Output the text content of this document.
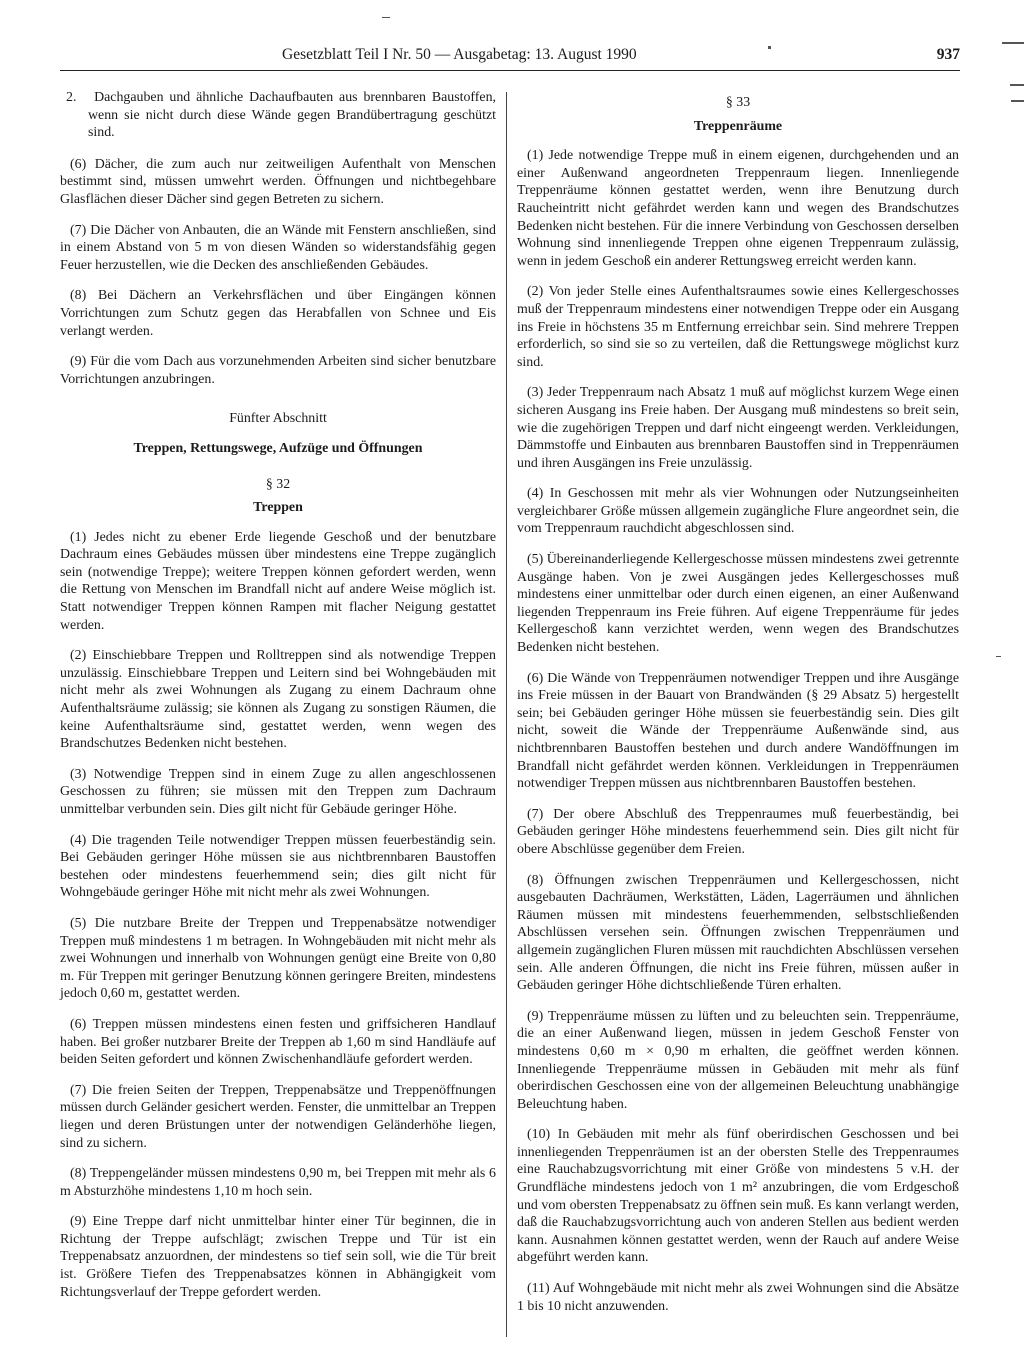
Gesetzblatt Teil I Nr. 50 — Ausgabetag: 13. August 1990	937
2. Dachgauben und ähnliche Dachaufbauten aus brennbaren Baustoffen, wenn sie nicht durch diese Wände gegen Brandübertragung geschützt sind.

(6) Dächer, die zum auch nur zeitweiligen Aufenthalt von Menschen bestimmt sind, müssen umwehrt werden. Öffnungen und nichtbegehbare Glasflächen dieser Dächer sind gegen Betreten zu sichern.

(7) Die Dächer von Anbauten, die an Wände mit Fenstern anschließen, sind in einem Abstand von 5 m von diesen Wänden so widerstandsfähig gegen Feuer herzustellen, wie die Decken des anschließenden Gebäudes.

(8) Bei Dächern an Verkehrsflächen und über Eingängen können Vorrichtungen zum Schutz gegen das Herabfallen von Schnee und Eis verlangt werden.

(9) Für die vom Dach aus vorzunehmenden Arbeiten sind sicher benutzbare Vorrichtungen anzubringen.

Fünfter Abschnitt
Treppen, Rettungswege, Aufzüge und Öffnungen
§ 32
Treppen

(1) Jedes nicht zu ebener Erde liegende Geschoß und der benutzbare Dachraum eines Gebäudes müssen über mindestens eine Treppe zugänglich sein (notwendige Treppe); weitere Treppen können gefordert werden, wenn die Rettung von Menschen im Brandfall nicht auf andere Weise möglich ist. Statt notwendiger Treppen können Rampen mit flacher Neigung gestattet werden.

(2) Einschiebbare Treppen und Rolltreppen sind als notwendige Treppen unzulässig. Einschiebbare Treppen und Leitern sind bei Wohngebäuden mit nicht mehr als zwei Wohnungen als Zugang zu einem Dachraum ohne Aufenthaltsräume zulässig; sie können als Zugang zu sonstigen Räumen, die keine Aufenthaltsräume sind, gestattet werden, wenn wegen des Brandschutzes Bedenken nicht bestehen.

(3) Notwendige Treppen sind in einem Zuge zu allen angeschlossenen Geschossen zu führen; sie müssen mit den Treppen zum Dachraum unmittelbar verbunden sein. Dies gilt nicht für Gebäude geringer Höhe.

(4) Die tragenden Teile notwendiger Treppen müssen feuerbeständig sein. Bei Gebäuden geringer Höhe müssen sie aus nichtbrennbaren Baustoffen bestehen oder mindestens feuerhemmend sein; dies gilt nicht für Wohngebäude geringer Höhe mit nicht mehr als zwei Wohnungen.

(5) Die nutzbare Breite der Treppen und Treppenabsätze notwendiger Treppen muß mindestens 1 m betragen. In Wohngebäuden mit nicht mehr als zwei Wohnungen und innerhalb von Wohnungen genügt eine Breite von 0,80 m. Für Treppen mit geringer Benutzung können geringere Breiten, mindestens jedoch 0,60 m, gestattet werden.

(6) Treppen müssen mindestens einen festen und griffsicheren Handlauf haben. Bei großer nutzbarer Breite der Treppen ab 1,60 m sind Handläufe auf beiden Seiten gefordert und können Zwischenhandläufe gefordert werden.

(7) Die freien Seiten der Treppen, Treppenabsätze und Treppenöffnungen müssen durch Geländer gesichert werden. Fenster, die unmittelbar an Treppen liegen und deren Brüstungen unter der notwendigen Geländerhöhe liegen, sind zu sichern.

(8) Treppengeländer müssen mindestens 0,90 m, bei Treppen mit mehr als 6 m Absturzhöhe mindestens 1,10 m hoch sein.

(9) Eine Treppe darf nicht unmittelbar hinter einer Tür beginnen, die in Richtung der Treppe aufschlägt; zwischen Treppe und Tür ist ein Treppenabsatz anzuordnen, der mindestens so tief sein soll, wie die Tür breit ist. Größere Tiefen des Treppenabsatzes können in Abhängigkeit vom Richtungsverlauf der Treppe gefordert werden.

§ 33
Treppenräume

(1) Jede notwendige Treppe muß in einem eigenen, durchgehenden und an einer Außenwand angeordneten Treppenraum liegen. Innenliegende Treppenräume können gestattet werden, wenn ihre Benutzung durch Raucheintritt nicht gefährdet werden kann und wegen des Brandschutzes Bedenken nicht bestehen. Für die innere Verbindung von Geschossen derselben Wohnung sind innenliegende Treppen ohne eigenen Treppenraum zulässig, wenn in jedem Geschoß ein anderer Rettungsweg erreicht werden kann.

(2) Von jeder Stelle eines Aufenthaltsraumes sowie eines Kellergeschosses muß der Treppenraum mindestens einer notwendigen Treppe oder ein Ausgang ins Freie in höchstens 35 m Entfernung erreichbar sein. Sind mehrere Treppen erforderlich, so sind sie so zu verteilen, daß die Rettungswege möglichst kurz sind.

(3) Jeder Treppenraum nach Absatz 1 muß auf möglichst kurzem Wege einen sicheren Ausgang ins Freie haben. Der Ausgang muß mindestens so breit sein, wie die zugehörigen Treppen und darf nicht eingeengt werden. Verkleidungen, Dämmstoffe und Einbauten aus brennbaren Baustoffen sind in Treppenräumen und ihren Ausgängen ins Freie unzulässig.

(4) In Geschossen mit mehr als vier Wohnungen oder Nutzungseinheiten vergleichbarer Größe müssen allgemein zugängliche Flure angeordnet sein, die vom Treppenraum rauchdicht abgeschlossen sind.

(5) Übereinanderliegende Kellergeschosse müssen mindestens zwei getrennte Ausgänge haben. Von je zwei Ausgängen jedes Kellergeschosses muß mindestens einer unmittelbar oder durch einen eigenen, an einer Außenwand liegenden Treppenraum ins Freie führen. Auf eigene Treppenräume für jedes Kellergeschoß kann verzichtet werden, wenn wegen des Brandschutzes Bedenken nicht bestehen.

(6) Die Wände von Treppenräumen notwendiger Treppen und ihre Ausgänge ins Freie müssen in der Bauart von Brandwänden (§ 29 Absatz 5) hergestellt sein; bei Gebäuden geringer Höhe müssen sie feuerbeständig sein. Dies gilt nicht, soweit die Wände der Treppenräume Außenwände sind, aus nichtbrennbaren Baustoffen bestehen und durch andere Wandöffnungen im Brandfall nicht gefährdet werden können. Verkleidungen in Treppenräumen notwendiger Treppen müssen aus nichtbrennbaren Baustoffen bestehen.

(7) Der obere Abschluß des Treppenraumes muß feuerbeständig, bei Gebäuden geringer Höhe mindestens feuerhemmend sein. Dies gilt nicht für obere Abschlüsse gegenüber dem Freien.

(8) Öffnungen zwischen Treppenräumen und Kellergeschossen, nicht ausgebauten Dachräumen, Werkstätten, Läden, Lagerräumen und ähnlichen Räumen müssen mit mindestens feuerhemmenden, selbstschließenden Abschlüssen versehen sein. Öffnungen zwischen Treppenräumen und allgemein zugänglichen Fluren müssen mit rauchdichten Abschlüssen versehen sein. Alle anderen Öffnungen, die nicht ins Freie führen, müssen außer in Gebäuden geringer Höhe dichtschließende Türen erhalten.

(9) Treppenräume müssen zu lüften und zu beleuchten sein. Treppenräume, die an einer Außenwand liegen, müssen in jedem Geschoß Fenster von mindestens 0,60 m × 0,90 m erhalten, die geöffnet werden können. Innenliegende Treppenräume müssen in Gebäuden mit mehr als fünf oberirdischen Geschossen eine von der allgemeinen Beleuchtung unabhängige Beleuchtung haben.

(10) In Gebäuden mit mehr als fünf oberirdischen Geschossen und bei innenliegenden Treppenräumen ist an der obersten Stelle des Treppenraumes eine Rauchabzugsvorrichtung mit einer Größe von mindestens 5 v.H. der Grundfläche mindestens jedoch von 1 m² anzubringen, die vom Erdgeschoß und vom obersten Treppenabsatz zu öffnen sein muß. Es kann verlangt werden, daß die Rauchabzugsvorrichtung auch von anderen Stellen aus bedient werden kann. Ausnahmen können gestattet werden, wenn der Rauch auf andere Weise abgeführt werden kann.

(11) Auf Wohngebäude mit nicht mehr als zwei Wohnungen sind die Absätze 1 bis 10 nicht anzuwenden.
